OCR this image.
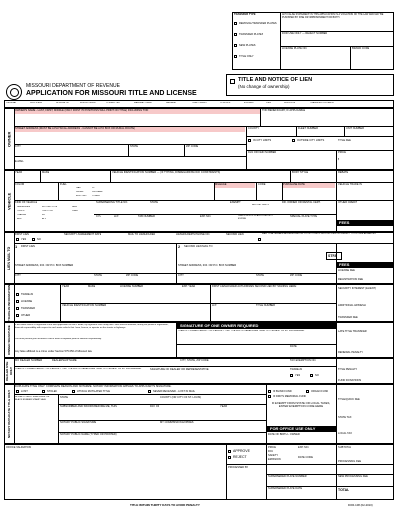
TRANSFER TYPE
REMOVAL/TRANSFER PLATES
TRANSFER PLATES
NEW PLATES
TITLE ONLY
ANY FALSE STATEMENT IN THIS APPLICATION IS A VIOLATION OF THE LAW AND MAY BE PUNISHED BY FINE OR IMPRISONMENT OR BOTH.
DOR USE ONLY — REJECT NUMBER
LICENSE PLATE NO.	BRAND CODE
MISSOURI DEPARTMENT OF REVENUE
APPLICATION FOR MISSOURI TITLE AND LICENSE
TITLE AND NOTICE OF LIEN
(No change of ownership)
ORIGINAL	DUPLICATE	NONUSE OF	MODIFY/ISSUE	CORRECTED	MANUFACTURED	SALVAGE	TEMP PERMIT	CONTROL	EXPIRED	LIEN	SURVIVOR	TRANSFER ON DEATH
OWNER
OWNER'S NAME - LAST, FIRST, MIDDLE (ONLY FIRST 70 POSITIONS WILL PRINT ON TITLE) INCLUDING TOD	TOD BENEFICIARY, IF APPLICABLE
STREET ADDRESS (MUST BE A PHYSICAL ADDRESS - CANNOT BE A PO BOX OR RURAL ROUTE)	COUNTY	FLEET NUMBER	UNIT NUMBER
IN CITY LIMITS	OUTSIDE CITY LIMITS	TITLE FEE
CITY	STATE	ZIP CODE
DLN OR FEIN NUMBER	PRICE
$
E-MAIL
VEHICLE
YEAR	MAKE	VEHICLE IDENTIFICATION NUMBER — (IF TYPING, DISREGARD BLOCK CONSTRAINTS)	BODY STYLE	REBATE
COLOR	FUEL
GAS	LP
DIESEL	PROPANE
ELECTRIC OTHER
MILEAGE	CODE	PURCHASE DATE	VEHICLE TRADE IN
KIND OF VEHICLE
PASSENGER
TRUCK
TRAILER
BUS
MOTORCYCLE
TRICYCLE
RV
ATV
NEW
USED
SUPERSEDING TITLE NO.	STATE	EXEMPT
BEYOND LIMITS
DR. OWNER OR RENTAL CERT.	OTHER CREDIT
CYL	H.P.	TAB NUMBER	EXP. MO.	CHECK BOX IF PLATE DOES NOT EXPIRE
SPECIAL PLATE TYPE
FEES
LIEN MAIL TO
FIRST LIEN	SECURITY AGREEMENT DATE	MAIL TO LIENHOLDER	LIENHOLDER'S PHONE NO.	SECOND LIEN	MAIL TO ALTERNATE ADDRESS BELOW. DO NOT USE IF SECOND LIEN OR SUBJECT TO FUTURE ADVANCES
YES	NO
1 FIRST LIEN	2 SECOND LIEN MAIL TO
STFA
STREET ADDRESS, R.R. OR P.O. BOX NUMBER	STREET ADDRESS, R.R. OR P.O. BOX NUMBER	FEES
LICENSE FEE
CITY	STATE	ZIP CODE	CITY	STATE	ZIP CODE
REGISTRATION FEE
TRADE-IN INFORMATION	TRADE-IN
LICENSE
TRANSFER
OTHER
YEAR	MAKE	LICENSE NUMBER	EXP. YEAR	FIRST LIENHOLDER AUTHORIZES SECOND LIEN BY SIGNING HERE:
SECURITY INTEREST (ELIENT)
VEHICLE IDENTIFICATION NUMBER	H.P.	TITLE NUMBER	ADDITIONAL HP/DESH
TRANSFER FEE
OWNER SIGNATURE
If the motor vehicle is registered at the time application for title is made, my signature shall certify that I have and will maintain, during the period of registration, financial responsibility with respect to each motor vehicle that I own, license, or operate on the streets or highways.
You must present your insurance card or other acceptable proof of financial responsibility.
Any false affidavit is a crime under Section 575.050 of Missouri law.
SIGNATURE OF ONE OWNER REQUIRED
I CERTIFY UNDER PENALTY OF PERJURY THAT THE FACTS HEREIN ARE TRUE TO THE BEST OF MY KNOWLEDGE.
DATE
LATE TITLE TRANSFER
RENEWAL PENALTY
DEALER USE ONLY
MO DEALER NUMBER	DEALERSHIP NAME	CITY, STATE, ZIP CODE	TAX EXEMPTION NO.
I CERTIFY UNDER PENALTY OF PERJURY THAT THE FACTS HEREIN ARE TRUE TO THE BEST OF MY KNOWLEDGE.	SIGNATURE OF DEALER OR REPRESENTATIVE	TRADE-IN
YES	NO
TITLE PENALTY
FUND DONATIONS
NOTARY DUPLICATE TITLE ONLY
DUPLICATE TITLE ONLY: COMPLETE REASON AND NOTARIZE. NOTARY INFORMATION APPLIES TO APPLICANT'S SIGNATURE.
LOST	STOLEN	ATTACH MUTILATED TITLE	NEVER RECEIVED - LOST IN MAIL	IF BLIND FUND	ORGAN FUND
IF DMV'S MEMORIAL FUND
NOTARY PUBLIC EMBOSSER OR BLACK RUBBER STAMP SEAL
STATE	COUNTY (OR CITY OF ST. LOUIS)
SUBSCRIBED AND SWORN BEFORE ME, THIS	DAY OF	YEAR
NOTARY PUBLIC SIGNATURE	MY COMMISSION EXPIRES
NOTARY PUBLIC NAME (TYPED OR PRINTED)
IF EXEMPT FROM STATE OR LOCAL TAXES, ENTER EXEMPTION CODE HERE
TITLE/QUICK FEE
STATE TAX
LOCAL TAX
FOR OFFICE USE ONLY
DATE OF BIRTH - OWNER
OFFICE VALIDATION
APPROVE
REJECT
PRICE
FFU
SAFETY
EMISSION
EXP. MO.
DATE CODE
SUBTOTAL
PROCESSED BY
PROCESSING FEE
SUPERSEDED PLATE NUMBER	NEW PROCESSING FEE
SUPERSEDED PLATE DATE	TOTAL
TITLE WITHIN THIRTY DAYS TO AVOID PENALTY	DOR-108 (02-2010)
